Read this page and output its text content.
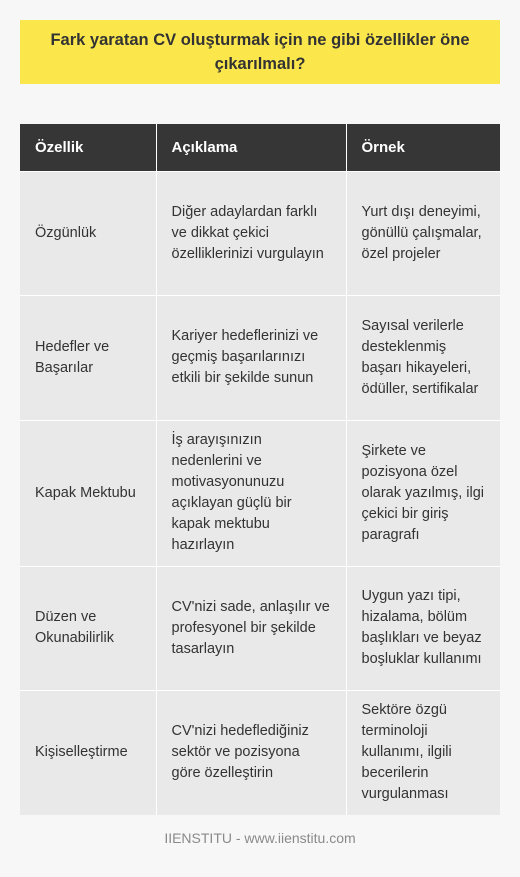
Fark yaratan CV oluşturmak için ne gibi özellikler öne çıkarılmalı?
Özellik	Açıklama	Örnek
Özgünlük	Diğer adaylardan farklı ve dikkat çekici özelliklerinizi vurgulayın	Yurt dışı deneyimi, gönüllü çalışmalar, özel projeler
Hedefler ve Başarılar	Kariyer hedeflerinizi ve geçmiş başarılarınızı etkili bir şekilde sunun	Sayısal verilerle desteklenmiş başarı hikayeleri, ödüller, sertifikalar
Kapak Mektubu	İş arayışınızın nedenlerini ve motivasyonunuzu açıklayan güçlü bir kapak mektubu hazırlayın	Şirkete ve pozisyona özel olarak yazılmış, ilgi çekici bir giriş paragrafı
Düzen ve Okunabilirlik	CV'nizi sade, anlaşılır ve profesyonel bir şekilde tasarlayın	Uygun yazı tipi, hizalama, bölüm başlıkları ve beyaz boşluklar kullanımı
Kişiselleştirme	CV'nizi hedeflediğiniz sektör ve pozisyona göre özelleştirin	Sektöre özgü terminoloji kullanımı, ilgili becerilerin vurgulanması
IIENSTITU - www.iienstitu.com
